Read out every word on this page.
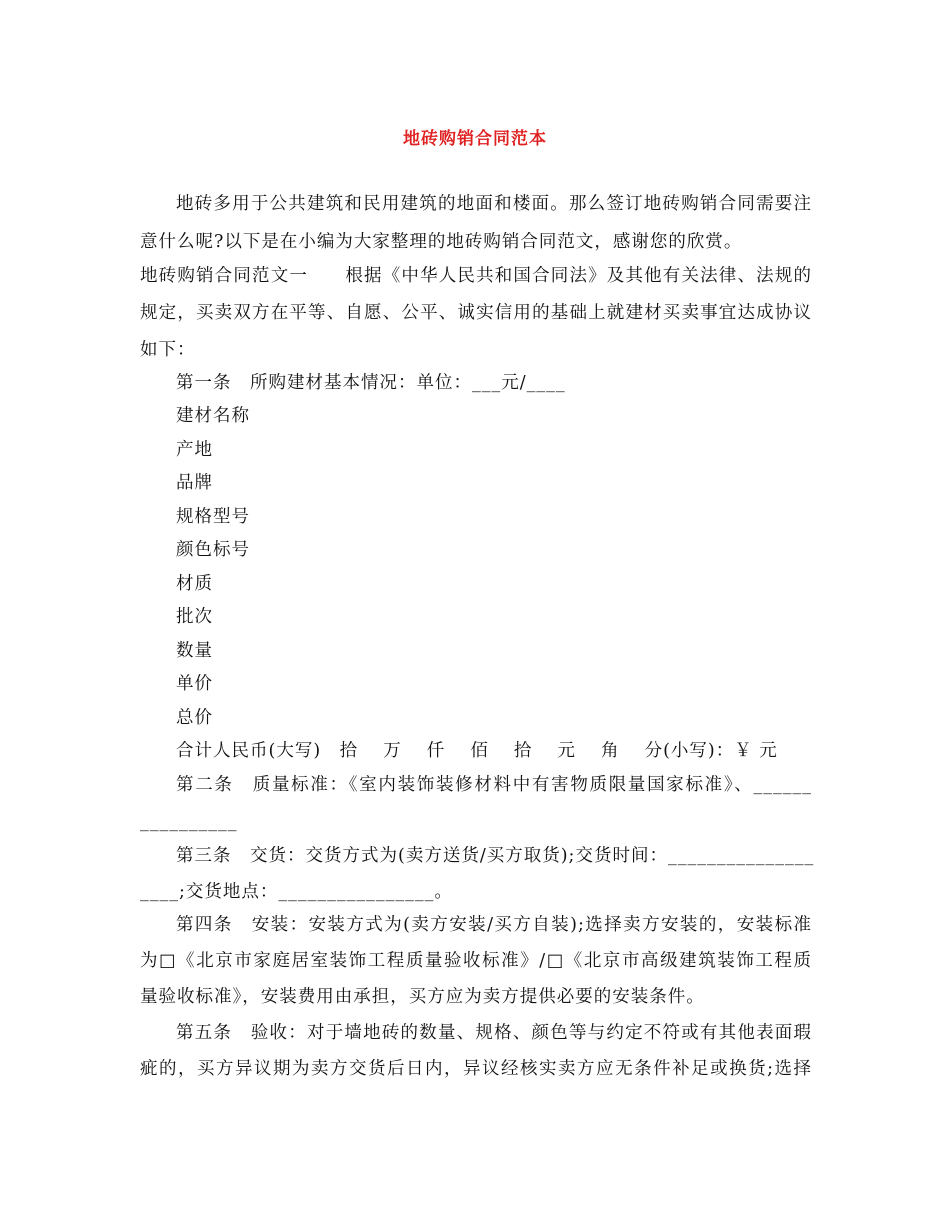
地砖购销合同范本
地砖多用于公共建筑和民用建筑的地面和楼面。那么签订地砖购销合同需要注
意什么呢?以下是在小编为大家整理的地砖购销合同范文，感谢您的欣赏。
地砖购销合同范文一　　根据《中华人民共和国合同法》及其他有关法律、法规的
规定，买卖双方在平等、自愿、公平、诚实信用的基础上就建材买卖事宜达成协议
如下：
第一条　所购建材基本情况：单位：___元/____
建材名称
产地
品牌
规格型号
颜色标号
材质
批次
数量
单价
总价
合计人民币(大写)　拾　 万　 仟　 佰　 拾　 元　 角　 分(小写)：￥ 元
第二条　质量标准：《室内装饰装修材料中有害物质限量国家标准》、______
__________
第三条　交货：交货方式为(卖方送货/买方取货);交货时间：_______________
____;交货地点：________________。
第四条　安装：安装方式为(卖方安装/买方自装);选择卖方安装的，安装标准
为□《北京市家庭居室装饰工程质量验收标准》/□《北京市高级建筑装饰工程质
量验收标准》，安装费用由承担，买方应为卖方提供必要的安装条件。
第五条　验收：对于墙地砖的数量、规格、颜色等与约定不符或有其他表面瑕
疵的，买方异议期为卖方交货后日内，异议经核实卖方应无条件补足或换货;选择
